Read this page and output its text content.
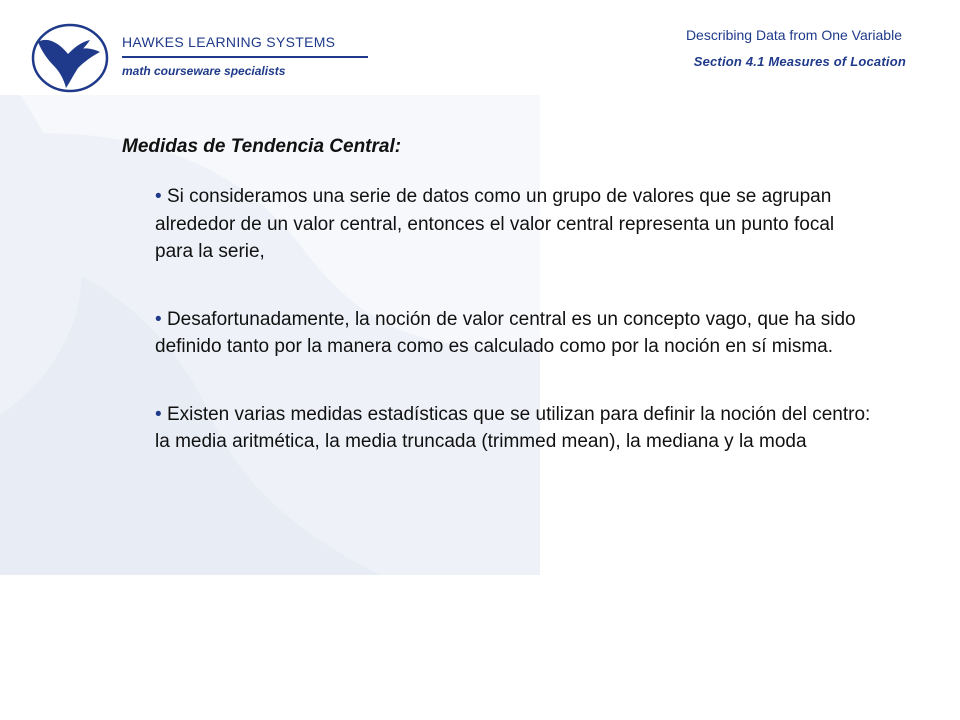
HAWKES LEARNING SYSTEMS
math courseware specialists
Describing Data from One Variable
Section 4.1 Measures of Location
Medidas de Tendencia Central:

• Si consideramos una serie de datos como un grupo de valores que se agrupan alrededor de un valor central, entonces el valor central representa un punto focal para la serie,

• Desafortunadamente, la noción de valor central es un concepto vago, que ha sido definido tanto por la manera como es calculado como por la noción en sí misma.

• Existen varias medidas estadísticas que se utilizan para definir la noción del centro: la media aritmética, la media truncada (trimmed mean), la mediana y la moda
